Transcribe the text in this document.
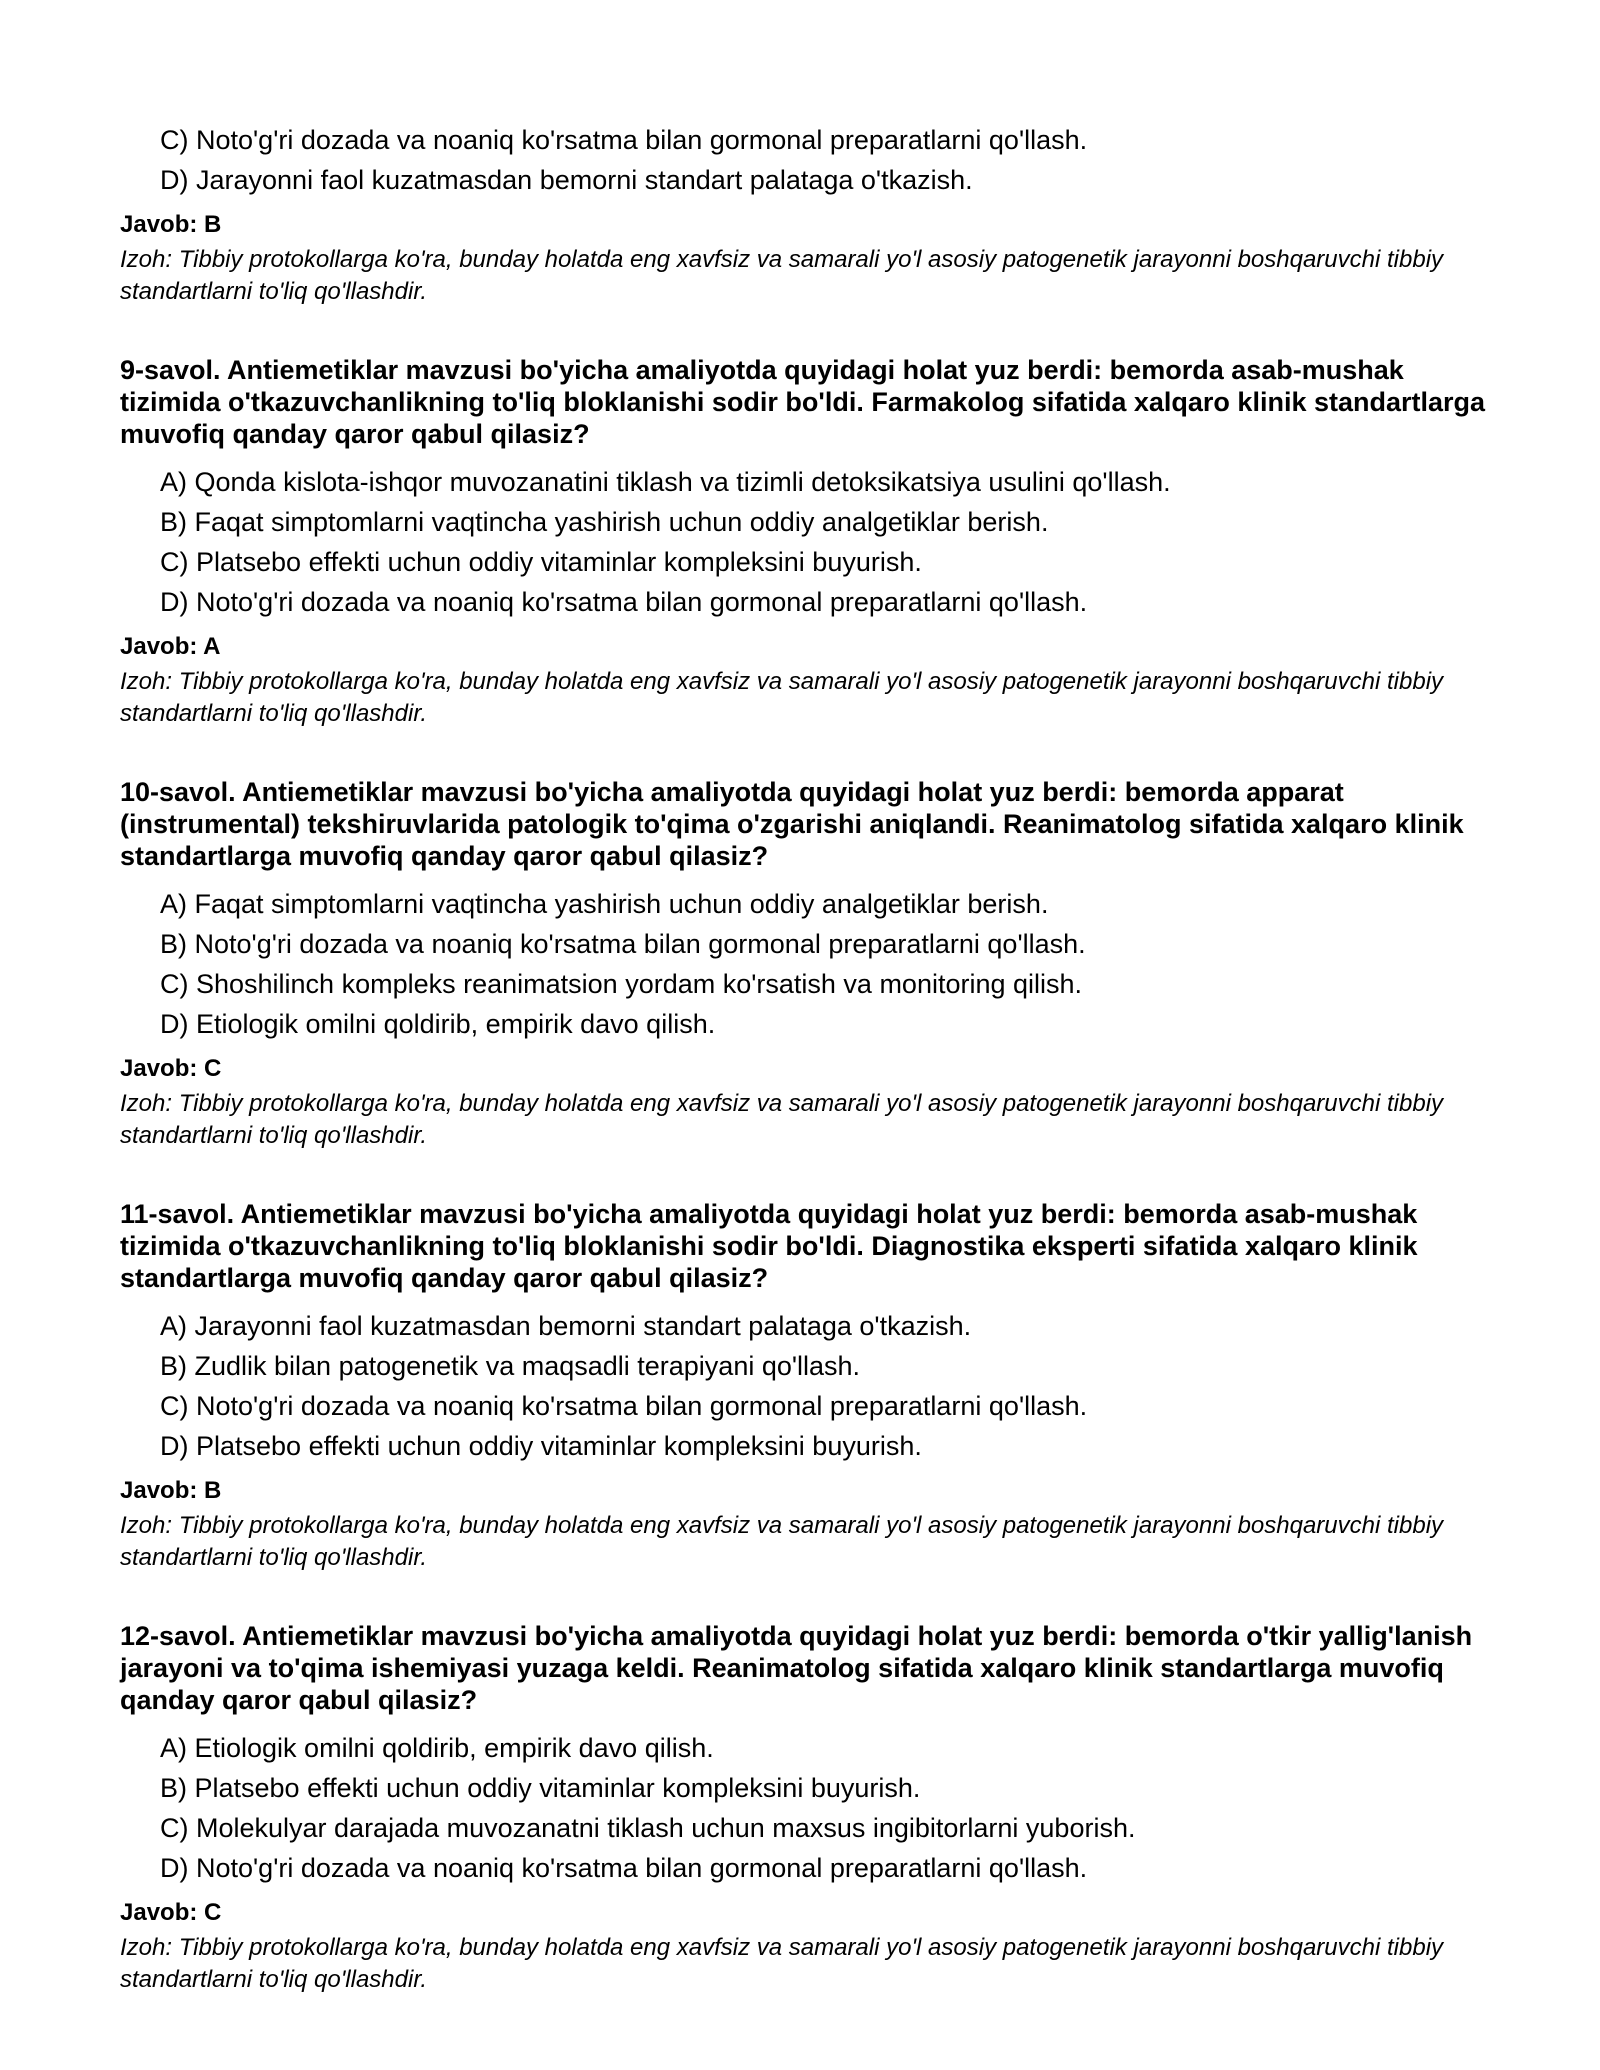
C) Noto'g'ri dozada va noaniq ko'rsatma bilan gormonal preparatlarni qo'llash.
D) Jarayonni faol kuzatmasdan bemorni standart palataga o'tkazish.

Javob: B

Izoh: Tibbiy protokollarga ko'ra, bunday holatda eng xavfsiz va samarali yo'l asosiy patogenetik jarayonni boshqaruvchi tibbiy standartlarni to'liq qo'llashdir.

9-savol. Antiemetiklar mavzusi bo'yicha amaliyotda quyidagi holat yuz berdi: bemorda asab-mushak tizimida o'tkazuvchanlikning to'liq bloklanishi sodir bo'ldi. Farmakolog sifatida xalqaro klinik standartlarga muvofiq qanday qaror qabul qilasiz?

A) Qonda kislota-ishqor muvozanatini tiklash va tizimli detoksikatsiya usulini qo'llash.
B) Faqat simptomlarni vaqtincha yashirish uchun oddiy analgetiklar berish.
C) Platsebo effekti uchun oddiy vitaminlar kompleksini buyurish.
D) Noto'g'ri dozada va noaniq ko'rsatma bilan gormonal preparatlarni qo'llash.

Javob: A

Izoh: Tibbiy protokollarga ko'ra, bunday holatda eng xavfsiz va samarali yo'l asosiy patogenetik jarayonni boshqaruvchi tibbiy standartlarni to'liq qo'llashdir.

10-savol. Antiemetiklar mavzusi bo'yicha amaliyotda quyidagi holat yuz berdi: bemorda apparat (instrumental) tekshiruvlarida patologik to'qima o'zgarishi aniqlandi. Reanimatolog sifatida xalqaro klinik standartlarga muvofiq qanday qaror qabul qilasiz?

A) Faqat simptomlarni vaqtincha yashirish uchun oddiy analgetiklar berish.
B) Noto'g'ri dozada va noaniq ko'rsatma bilan gormonal preparatlarni qo'llash.
C) Shoshilinch kompleks reanimatsion yordam ko'rsatish va monitoring qilish.
D) Etiologik omilni qoldirib, empirik davo qilish.

Javob: C

Izoh: Tibbiy protokollarga ko'ra, bunday holatda eng xavfsiz va samarali yo'l asosiy patogenetik jarayonni boshqaruvchi tibbiy standartlarni to'liq qo'llashdir.

11-savol. Antiemetiklar mavzusi bo'yicha amaliyotda quyidagi holat yuz berdi: bemorda asab-mushak tizimida o'tkazuvchanlikning to'liq bloklanishi sodir bo'ldi. Diagnostika eksperti sifatida xalqaro klinik standartlarga muvofiq qanday qaror qabul qilasiz?

A) Jarayonni faol kuzatmasdan bemorni standart palataga o'tkazish.
B) Zudlik bilan patogenetik va maqsadli terapiyani qo'llash.
C) Noto'g'ri dozada va noaniq ko'rsatma bilan gormonal preparatlarni qo'llash.
D) Platsebo effekti uchun oddiy vitaminlar kompleksini buyurish.

Javob: B

Izoh: Tibbiy protokollarga ko'ra, bunday holatda eng xavfsiz va samarali yo'l asosiy patogenetik jarayonni boshqaruvchi tibbiy standartlarni to'liq qo'llashdir.

12-savol. Antiemetiklar mavzusi bo'yicha amaliyotda quyidagi holat yuz berdi: bemorda o'tkir yallig'lanish jarayoni va to'qima ishemiyasi yuzaga keldi. Reanimatolog sifatida xalqaro klinik standartlarga muvofiq qanday qaror qabul qilasiz?

A) Etiologik omilni qoldirib, empirik davo qilish.
B) Platsebo effekti uchun oddiy vitaminlar kompleksini buyurish.
C) Molekulyar darajada muvozanatni tiklash uchun maxsus ingibitorlarni yuborish.
D) Noto'g'ri dozada va noaniq ko'rsatma bilan gormonal preparatlarni qo'llash.

Javob: C

Izoh: Tibbiy protokollarga ko'ra, bunday holatda eng xavfsiz va samarali yo'l asosiy patogenetik jarayonni boshqaruvchi tibbiy standartlarni to'liq qo'llashdir.
